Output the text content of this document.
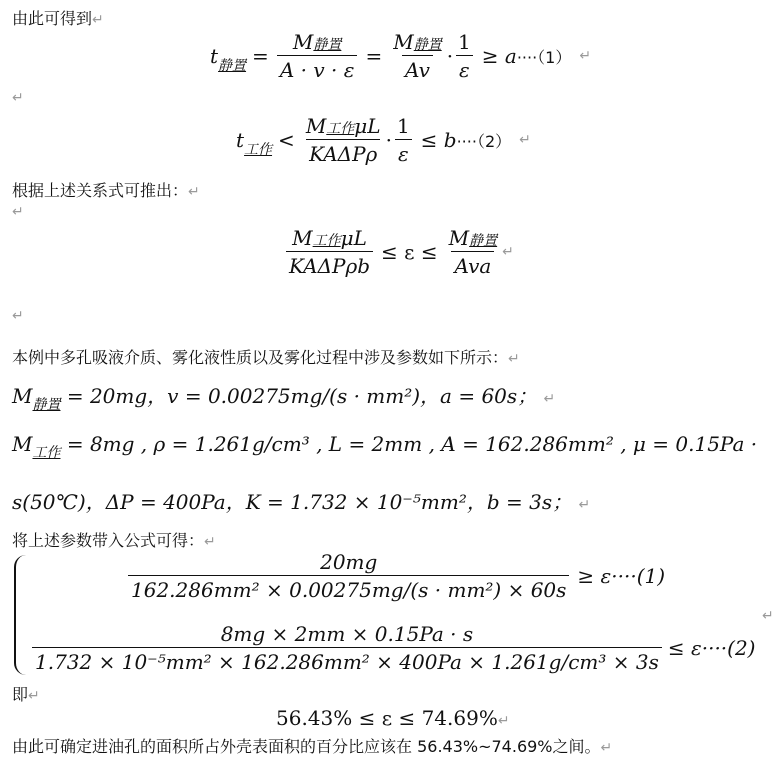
由此可得到↵
t 静置 = $\frac{\text{M静置}}{A \cdot v \cdot \varepsilon} = \frac{\text{M静置}}{Av} \cdot \frac{1}{\varepsilon} \ge a \cdot\cdot\cdot\cdot(1)$ ↵
↵
t 工作 < $\frac{\text{M工作μL}}{\text{KAΔPρ}} \cdot \frac{1}{\varepsilon} \le b \cdot\cdot\cdot\cdot(2)$ ↵
根据上述关系式可推出：↵
↵
$\frac{\text{M工作μL}}{\text{KAΔPρb}} \le \varepsilon \le \frac{\text{M静置}}{\text{Ava}}$ ↵
↵
本例中多孔吸液介质、雾化液性质以及雾化过程中涉及参数如下所示：↵
$M_{静置} = 20mg$，v = 0.00275mg/(s · mm²)，a = 60s； ↵
$M_{工作} = 8mg$ , ρ = 1.261g/cm³ , L = 2mm , A = 162.286mm² , μ = 0.15Pa ·
s(50℃)，ΔP = 400Pa，K = 1.732 × 10⁻⁵mm²，b = 3s； ↵
将上述参数带入公式可得：↵
$\frac{20mg}{\text{162.286mm² × 0.00275mg/(s · mm²) × 60s}} \ge \varepsilon\cdot\cdot\cdot\cdot(1)$
↵
$\frac{8mg \times 2mm \times 0.15Pa \cdot s}{\text{1.732 × 10⁻⁵mm² × 162.286mm² × 400Pa × 1.261g/cm³ × 3s}} \le \varepsilon\cdot\cdot\cdot\cdot(2)$
即↵
56.43% ≤ ε ≤ 74.69%↵
由此可确定进油孔的面积所占外壳表面积的百分比应该在 56.43%~74.69%之间。↵
